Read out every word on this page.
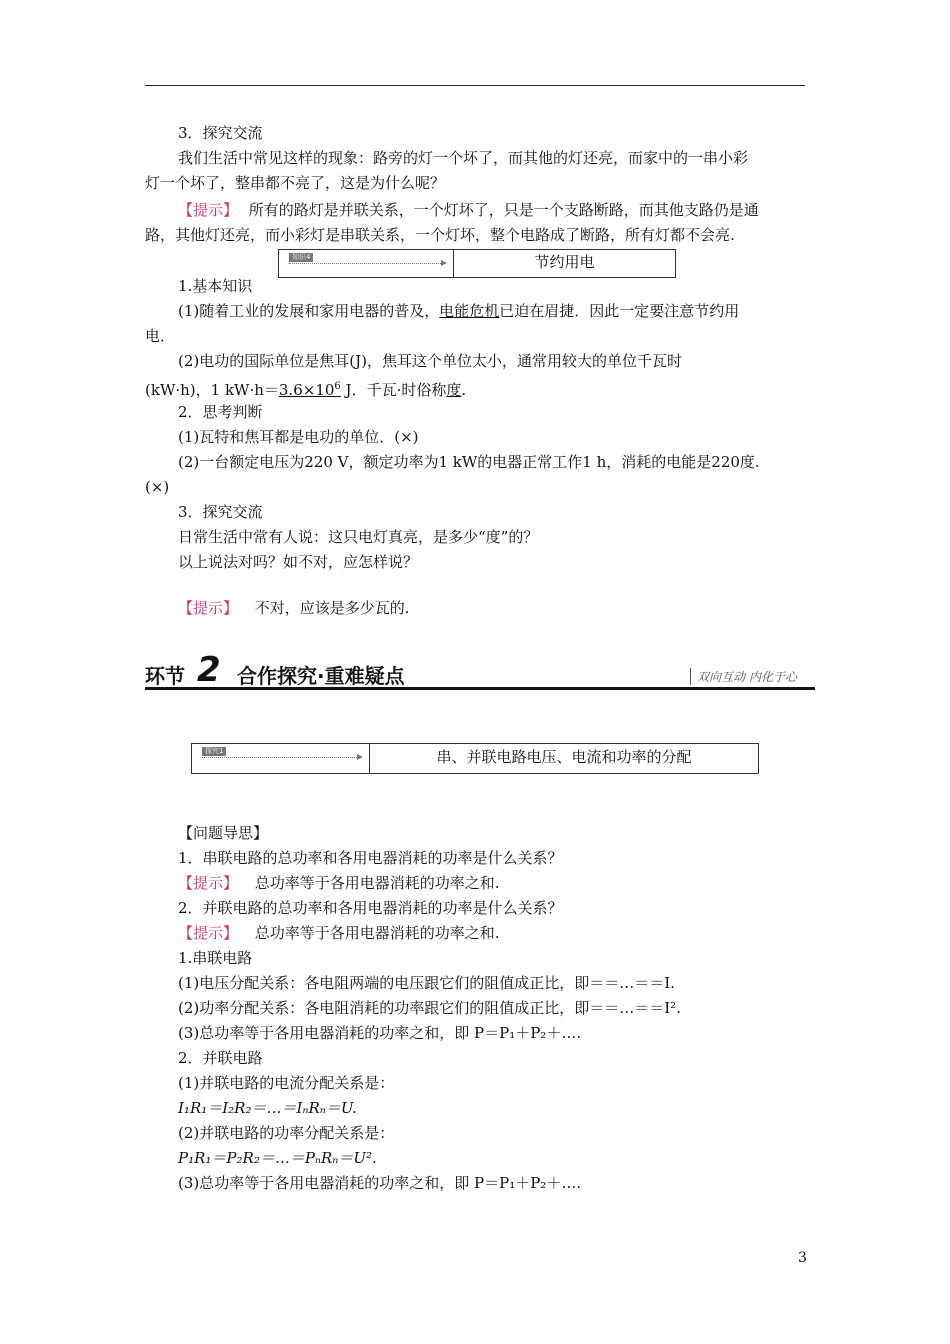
3．探究交流
我们生活中常见这样的现象：路旁的灯一个坏了，而其他的灯还亮，而家中的一串小彩
灯一个坏了，整串都不亮了，这是为什么呢？
【提示】 所有的路灯是并联关系，一个灯坏了，只是一个支路断路，而其他支路仍是通
路，其他灯还亮，而小彩灯是串联关系，一个灯坏，整个电路成了断路，所有灯都不会亮.
知识4	节约用电
1.基本知识
(1)随着工业的发展和家用电器的普及，电能危机已迫在眉捷．因此一定要注意节约用
电．
(2)电功的国际单位是焦耳(J)，焦耳这个单位太小，通常用较大的单位千瓦时
(kW·h)，1 $kW\cdot h=3.6\times 10^6$ J．千瓦·时俗称度.
2．思考判断
(1)瓦特和焦耳都是电功的单位．(×)
(2)一台额定电压为220 V，额定功率为1 kW的电器正常工作1 h，消耗的电能是220度.
(×)
3．探究交流
日常生活中常有人说：这只电灯真亮，是多少“度”的？
以上说法对吗？如不对，应怎样说？
【提示】 不对，应该是多少瓦的.
环节 2 合作探究·重难疑点	双向互动 内化于心
探究1	串、并联电路电压、电流和功率的分配
【问题导思】
1．串联电路的总功率和各用电器消耗的功率是什么关系？
【提示】 总功率等于各用电器消耗的功率之和.
2．并联电路的总功率和各用电器消耗的功率是什么关系？
【提示】 总功率等于各用电器消耗的功率之和.
1.串联电路
(1)电压分配关系：各电阻两端的电压跟它们的阻值成正比，即＝＝…＝＝I.
(2)功率分配关系：各电阻消耗的功率跟它们的阻值成正比，即＝＝…＝＝I².
(3)总功率等于各用电器消耗的功率之和，即 P＝P₁＋P₂＋….
2．并联电路
(1)并联电路的电流分配关系是：
I₁R₁＝I₂R₂＝…＝IₙRₙ＝U.
(2)并联电路的功率分配关系是：
P₁R₁＝P₂R₂＝…＝PₙRₙ＝U².
(3)总功率等于各用电器消耗的功率之和，即 P＝P₁＋P₂＋….
3
